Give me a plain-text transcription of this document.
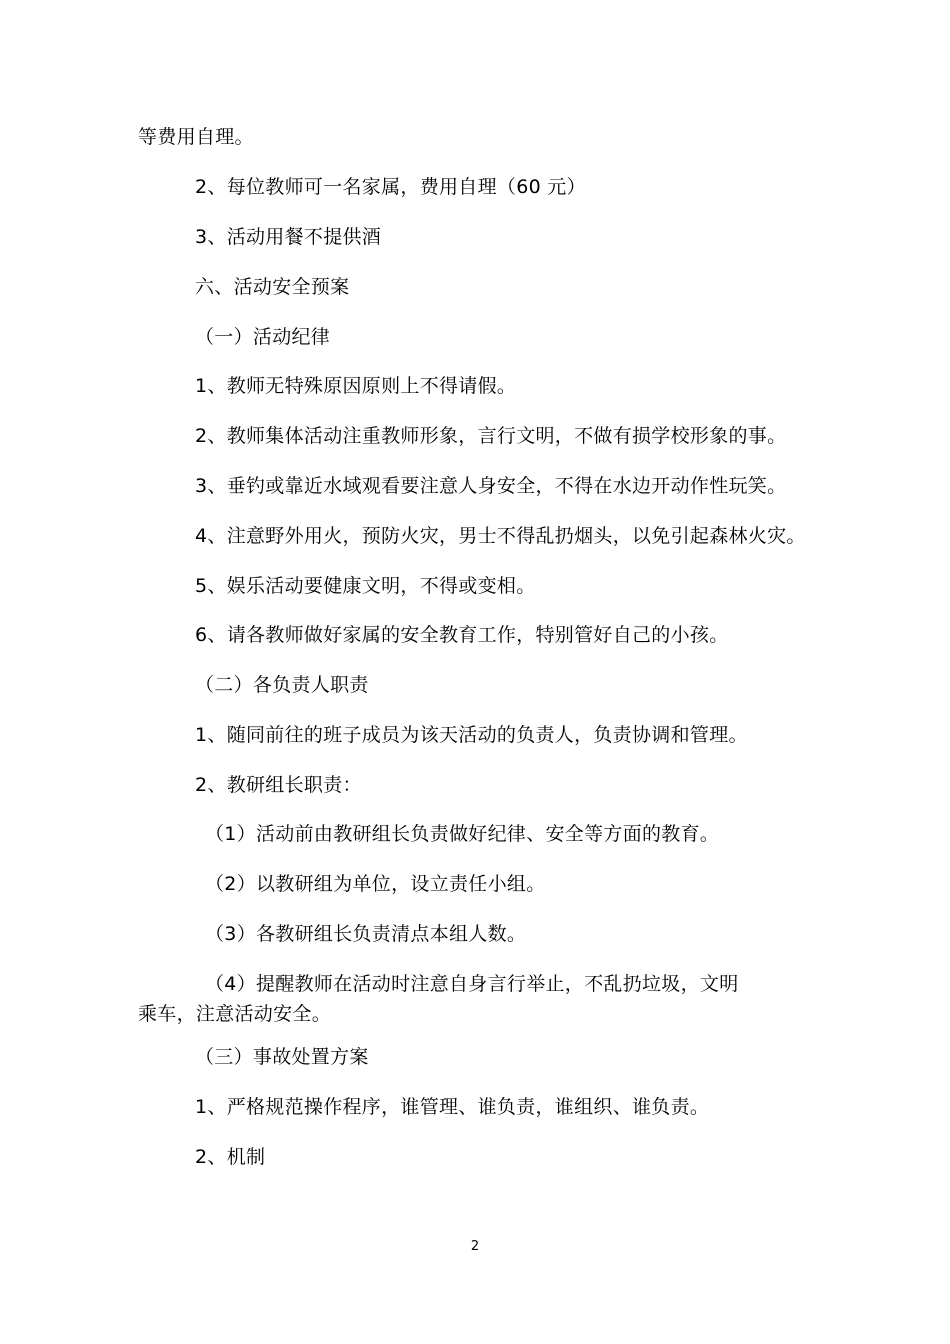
等费用自理。
2、每位教师可一名家属，费用自理（60 元）
3、活动用餐不提供酒
六、活动安全预案
（一）活动纪律
1、教师无特殊原因原则上不得请假。
2、教师集体活动注重教师形象，言行文明，不做有损学校形象的事。
3、垂钓或靠近水域观看要注意人身安全，不得在水边开动作性玩笑。
4、注意野外用火，预防火灾，男士不得乱扔烟头，以免引起森林火灾。
5、娱乐活动要健康文明，不得或变相。
6、请各教师做好家属的安全教育工作，特别管好自己的小孩。
（二）各负责人职责
1、随同前往的班子成员为该天活动的负责人，负责协调和管理。
2、教研组长职责：
（1）活动前由教研组长负责做好纪律、安全等方面的教育。
（2）以教研组为单位，设立责任小组。
（3）各教研组长负责清点本组人数。
（4）提醒教师在活动时注意自身言行举止，不乱扔垃圾，文明
乘车，注意活动安全。
（三）事故处置方案
1、严格规范操作程序，谁管理、谁负责，谁组织、谁负责。
2、机制
2
